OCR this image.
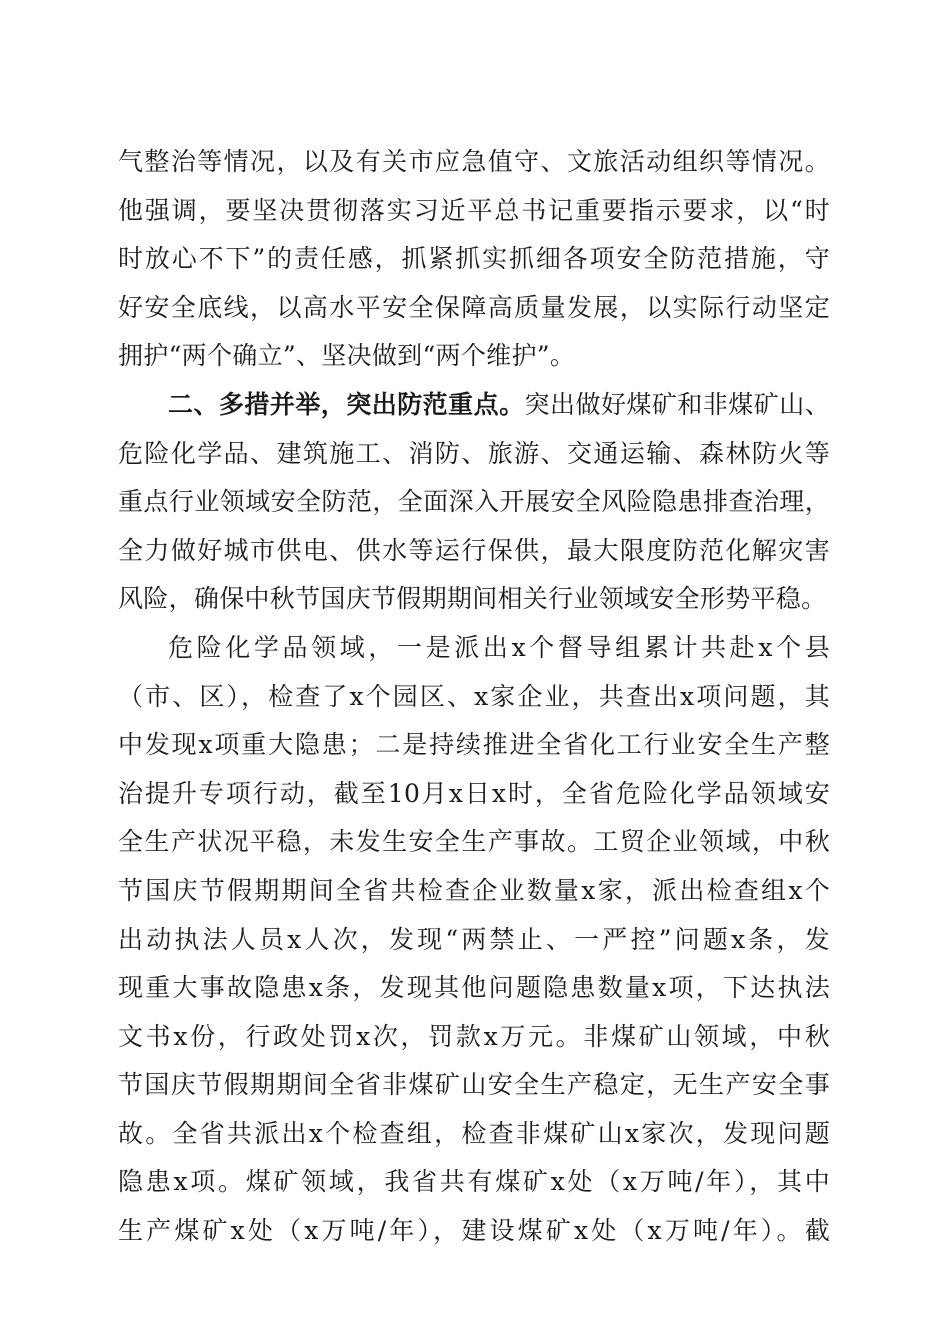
气整治等情况，以及有关市应急值守、文旅活动组织等情况。
他强调，要坚决贯彻落实习近平总书记重要指示要求，以“时
时放心不下”的责任感，抓紧抓实抓细各项安全防范措施，守
好安全底线，以高水平安全保障高质量发展，以实际行动坚定
拥护“两个确立”、坚决做到“两个维护”。

二、多措并举，突出防范重点。突出做好煤矿和非煤矿山、
危险化学品、建筑施工、消防、旅游、交通运输、森林防火等
重点行业领域安全防范，全面深入开展安全风险隐患排查治理，
全力做好城市供电、供水等运行保供，最大限度防范化解灾害
风险，确保中秋节国庆节假期期间相关行业领域安全形势平稳。

危险化学品领域，一是派出x个督导组累计共赴x个县
（市、区），检查了x个园区、x家企业，共查出x项问题，其
中发现x项重大隐患；二是持续推进全省化工行业安全生产整
治提升专项行动，截至10月x日x时，全省危险化学品领域安
全生产状况平稳，未发生安全生产事故。工贸企业领域，中秋
节国庆节假期期间全省共检查企业数量x家，派出检查组x个
出动执法人员x人次，发现“两禁止、一严控”问题x条，发
现重大事故隐患x条，发现其他问题隐患数量x项，下达执法
文书x份，行政处罚x次，罚款x万元。非煤矿山领域，中秋
节国庆节假期期间全省非煤矿山安全生产稳定，无生产安全事
故。全省共派出x个检查组，检查非煤矿山x家次，发现问题
隐患x项。煤矿领域，我省共有煤矿x处（x万吨/年），其中
生产煤矿x处（x万吨/年），建设煤矿x处（x万吨/年）。截
